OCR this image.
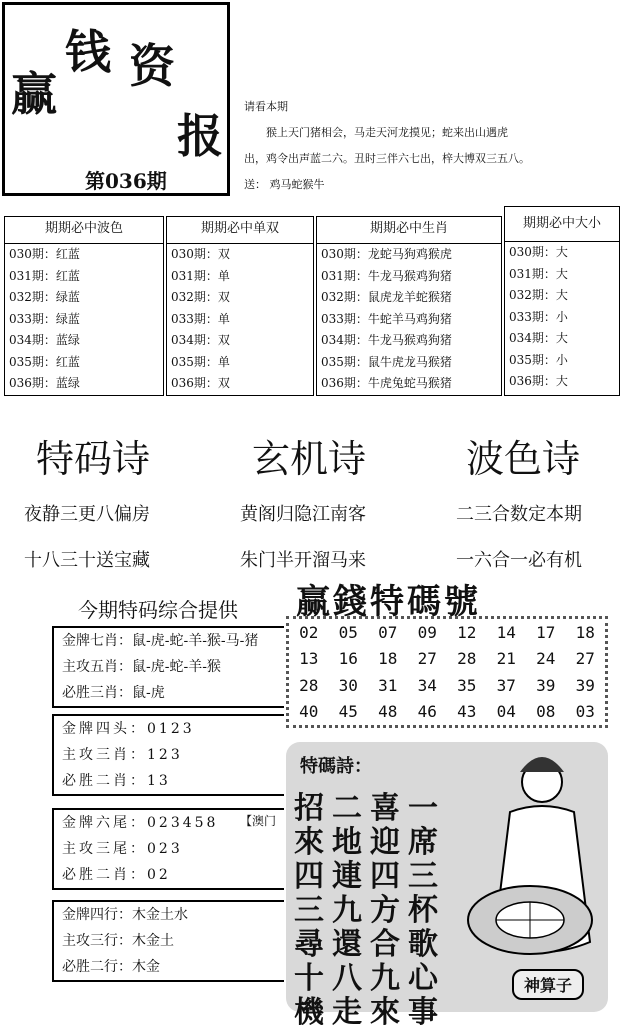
赢
钱 资
报
第036期

请看本期

猴上天门猪相会，马走天河龙摸见；蛇来出山遇虎

出，鸡令出声蓝二六。丑时三伴六七出，梓大博双三五八。

送： 鸡马蛇猴牛

期期必中波色
030期：红蓝
031期：红蓝
032期：绿蓝
033期：绿蓝
034期：蓝绿
035期：红蓝
036期：蓝绿
期期必中单双
030期：双
031期：单
032期：双
033期：单
034期：双
035期：单
036期：双
期期必中生肖
030期：龙蛇马狗鸡猴虎
031期：牛龙马猴鸡狗猪
032期：鼠虎龙羊蛇猴猪
033期：牛蛇羊马鸡狗猪
034期：牛龙马猴鸡狗猪
035期：鼠牛虎龙马猴猪
036期：牛虎兔蛇马猴猪
期期必中大小
030期：大
031期：大
032期：大
033期：小
034期：大
035期：小
036期：大
特码诗	玄机诗	波色诗
夜静三更八偏房
十八三十送宝藏
黄阁归隐江南客
朱门半开溜马来
二三合数定本期
一六合一必有机
今期特码综合提供
金牌七肖：鼠-虎-蛇-羊-猴-马-猪
主攻五肖：鼠-虎-蛇-羊-猴
必胜三肖：鼠-虎
金牌四头：0123
主攻三肖：123
必胜二肖：13
金牌六尾：023458
主攻三尾：023
必胜二肖：02
【澳门
金牌四行：木金土水
主攻三行：木金土
必胜二行：木金
赢錢特碼號
02 05 07 09 12 14 17 18
13 16 18 27 28 21 24 27
28 30 31 34 35 37 39 39
40 45 48 46 43 04 08 03
特碼詩：
一
席
三
杯
歌
心
事
喜
迎
四
方
合
九
來
二
地
連
九
還
八
走
招
來
四
三
尋
十
機
神算子
